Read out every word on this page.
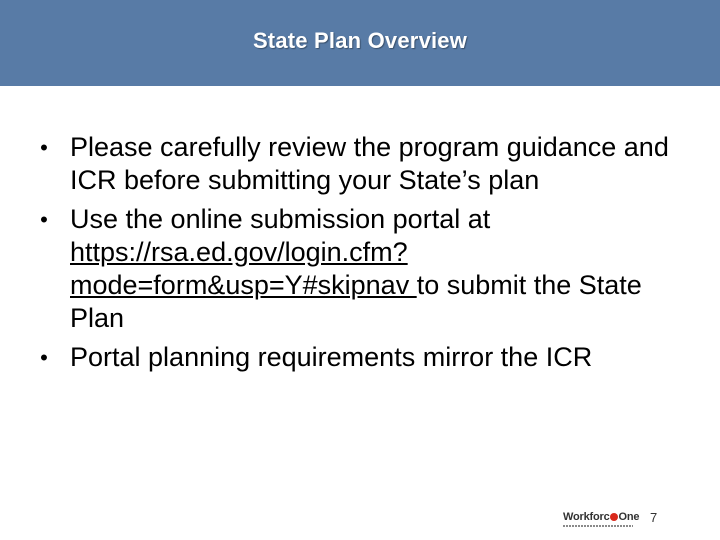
State Plan Overview
• Please carefully review the program guidance and ICR before submitting your State’s plan
• Use the online submission portal at https://rsa.ed.gov/login.cfm?mode=form&usp=Y#skipnav to submit the State Plan
• Portal planning requirements mirror the ICR
Workforc One 7
